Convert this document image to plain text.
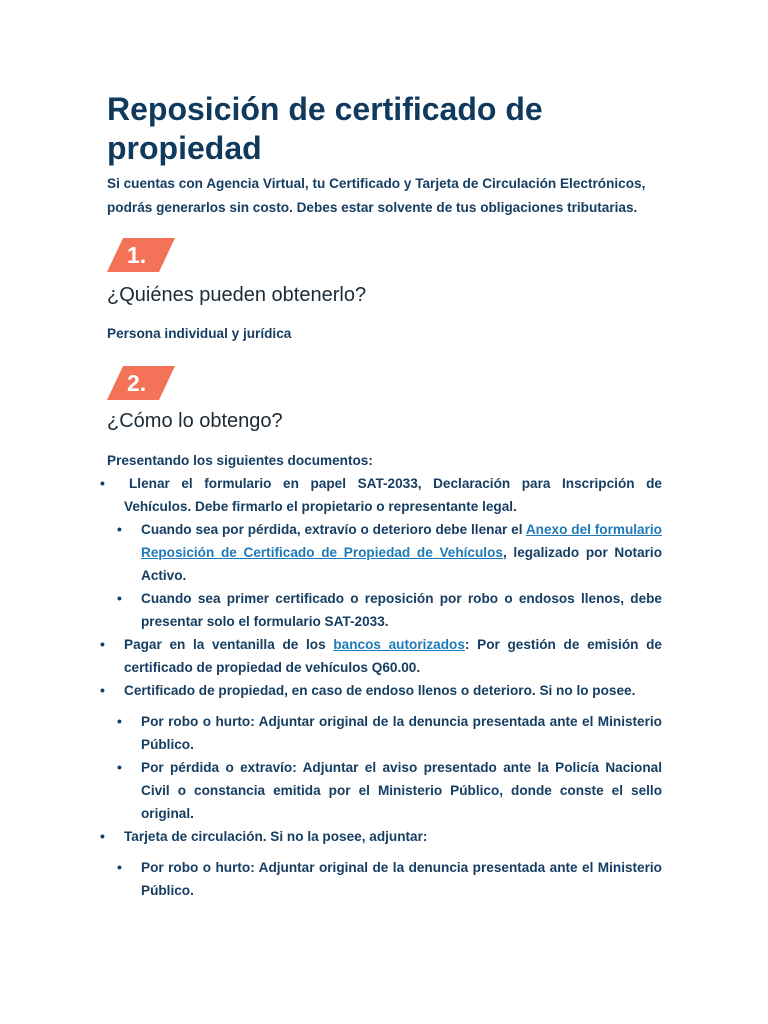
Reposición de certificado de propiedad

Si cuentas con Agencia Virtual, tu Certificado y Tarjeta de Circulación Electrónicos, podrás generarlos sin costo. Debes estar solvente de tus obligaciones tributarias.

1.
¿Quiénes pueden obtenerlo?

Persona individual y jurídica

2.
¿Cómo lo obtengo?

Presentando los siguientes documentos:

•	Llenar el formulario en papel SAT-2033, Declaración para Inscripción de Vehículos. Debe firmarlo el propietario o representante legal.

• Cuando sea por pérdida, extravío o deterioro debe llenar el Anexo del formulario Reposición de Certificado de Propiedad de Vehículos, legalizado por Notario Activo.

• Cuando sea primer certificado o reposición por robo o endosos llenos, debe presentar solo el formulario SAT-2033.

• Pagar en la ventanilla de los bancos autorizados: Por gestión de emisión de certificado de propiedad de vehículos Q60.00.

• Certificado de propiedad, en caso de endoso llenos o deterioro. Si no lo posee.

• Por robo o hurto: Adjuntar original de la denuncia presentada ante el Ministerio Público.

• Por pérdida o extravío: Adjuntar el aviso presentado ante la Policía Nacional Civil o constancia emitida por el Ministerio Público, donde conste el sello original.

• Tarjeta de circulación. Si no la posee, adjuntar:

• Por robo o hurto: Adjuntar original de la denuncia presentada ante el Ministerio Público.
